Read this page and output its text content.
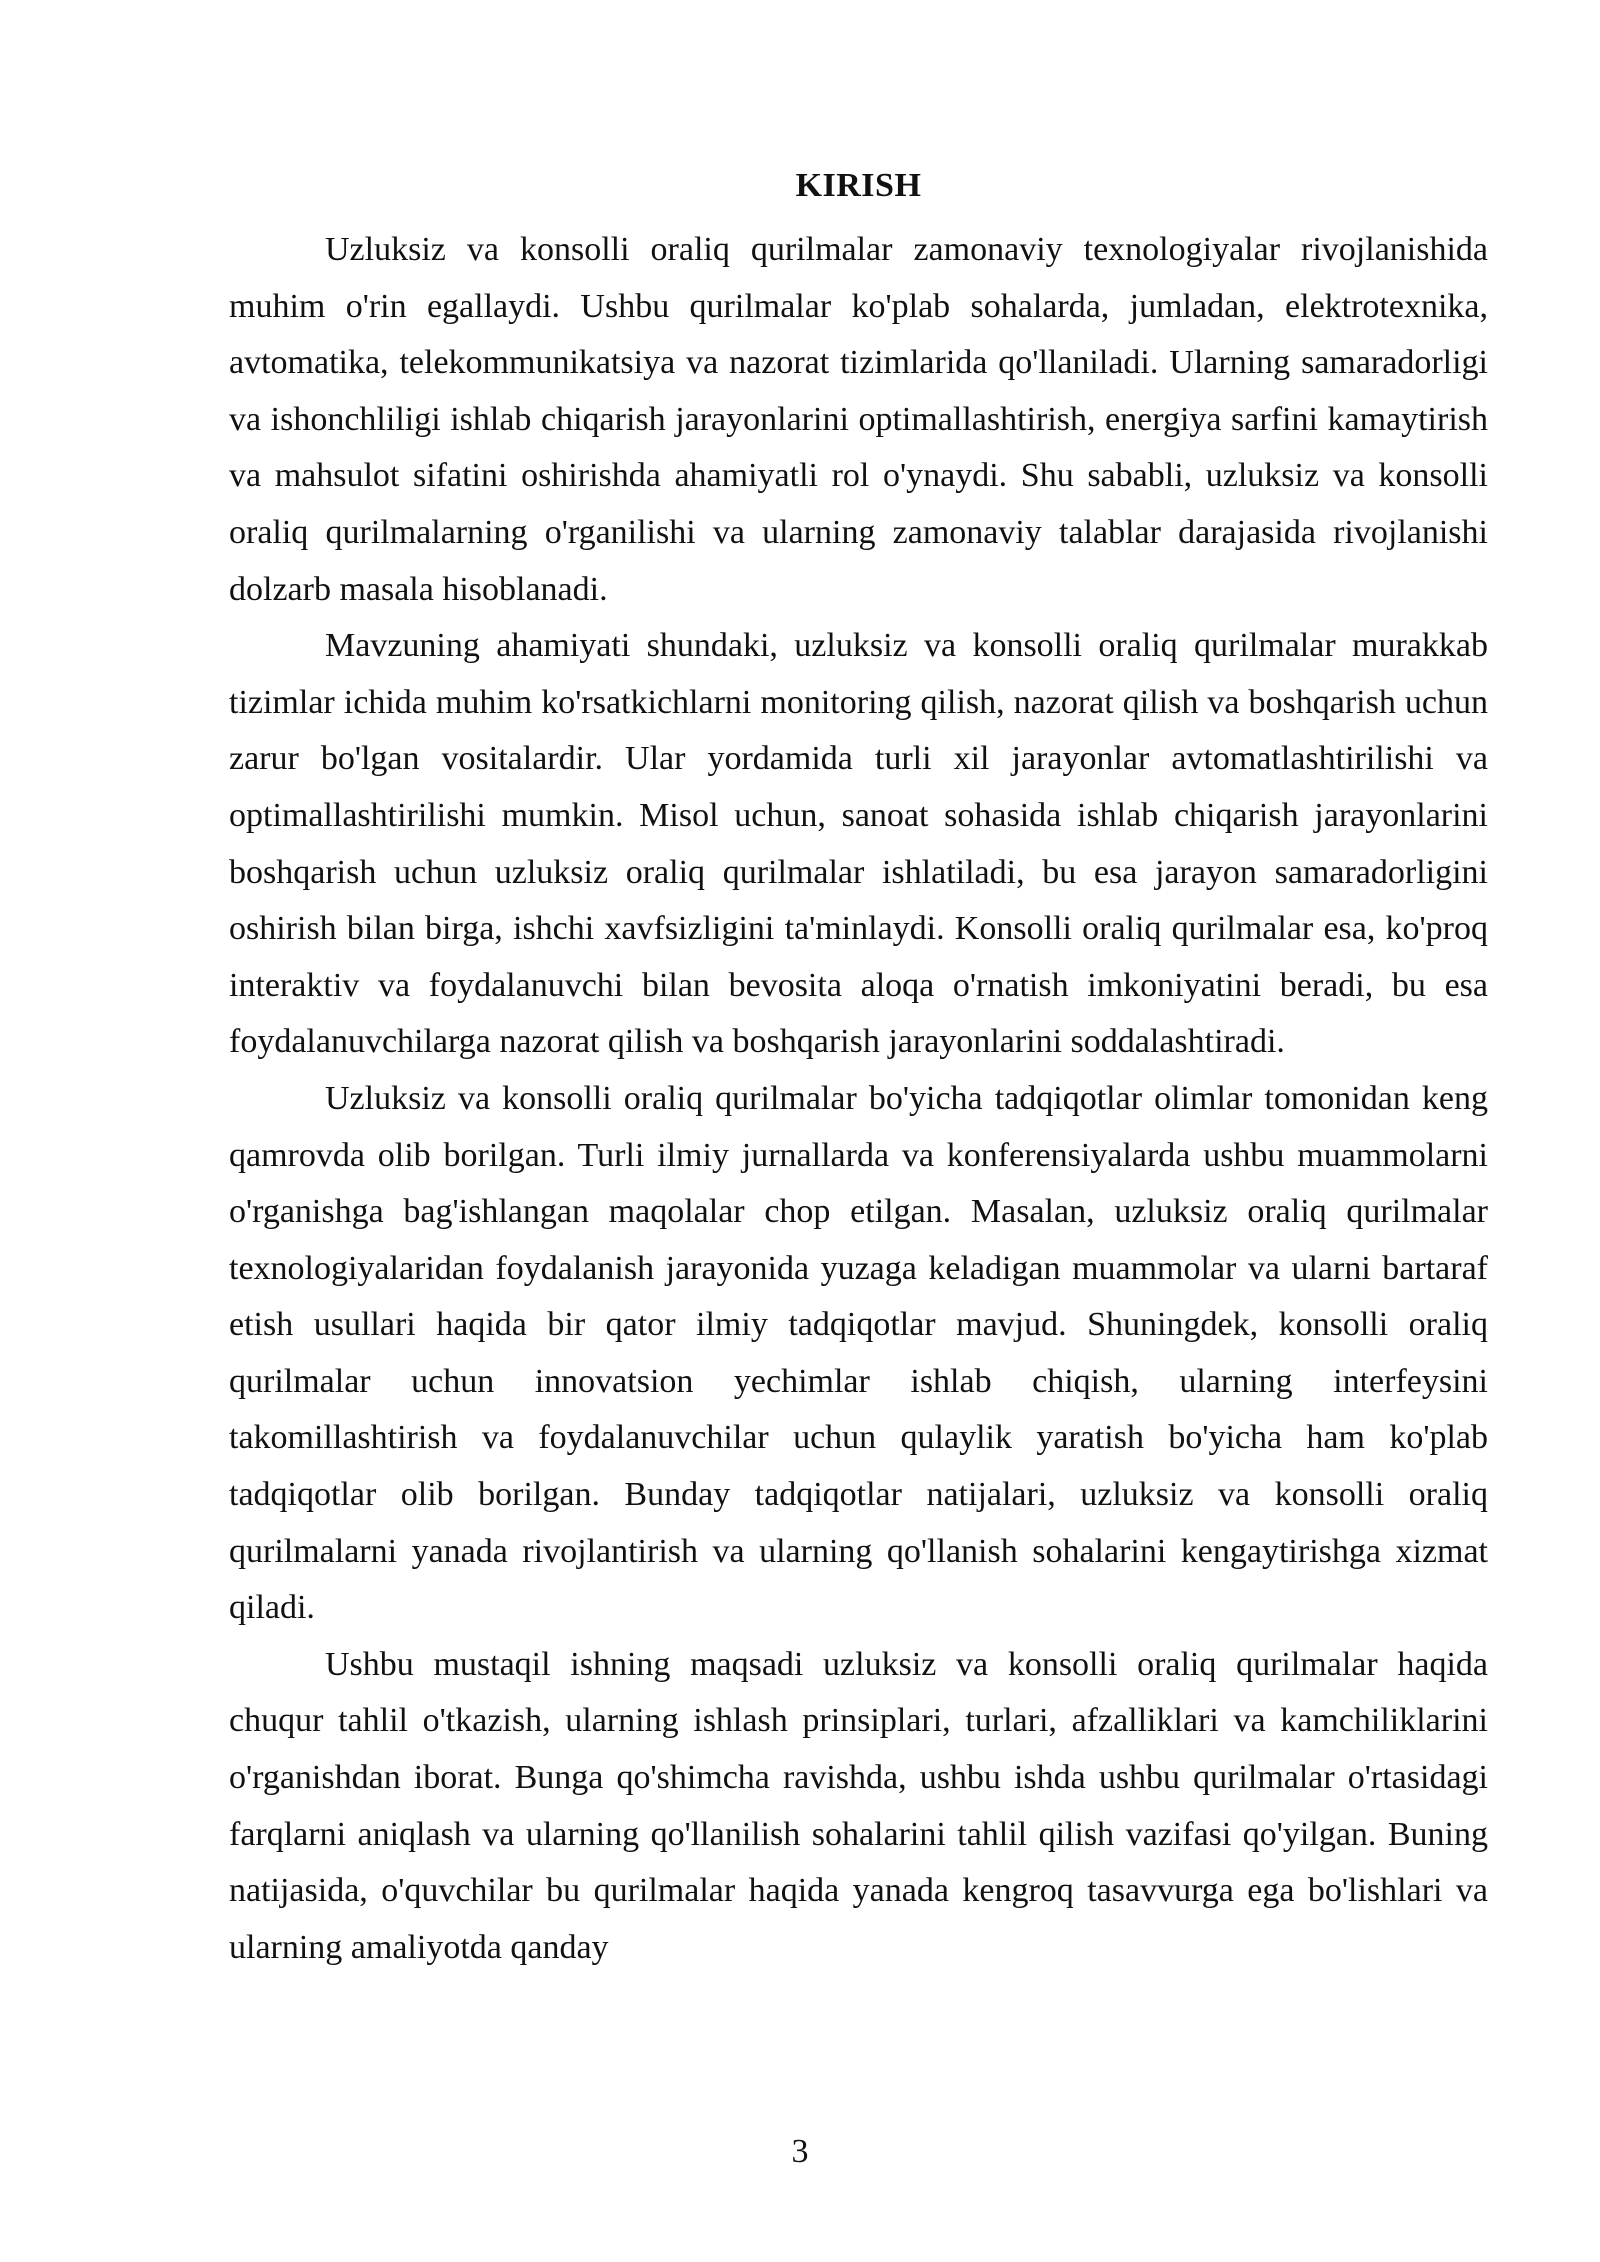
KIRISH

Uzluksiz va konsolli oraliq qurilmalar zamonaviy texnologiyalar rivojlanishida muhim o'rin egallaydi. Ushbu qurilmalar ko'plab sohalarda, jumladan, elektrotexnika, avtomatika, telekommunikatsiya va nazorat tizimlarida qo'llaniladi. Ularning samaradorligi va ishonchliligi ishlab chiqarish jarayonlarini optimallashtirish, energiya sarfini kamaytirish va mahsulot sifatini oshirishda ahamiyatli rol o'ynaydi. Shu sababli, uzluksiz va konsolli oraliq qurilmalarning o'rganilishi va ularning zamonaviy talablar darajasida rivojlanishi dolzarb masala hisoblanadi.

Mavzuning ahamiyati shundaki, uzluksiz va konsolli oraliq qurilmalar murakkab tizimlar ichida muhim ko'rsatkichlarni monitoring qilish, nazorat qilish va boshqarish uchun zarur bo'lgan vositalardir. Ular yordamida turli xil jarayonlar avtomatlashtirilishi va optimallashtirilishi mumkin. Misol uchun, sanoat sohasida ishlab chiqarish jarayonlarini boshqarish uchun uzluksiz oraliq qurilmalar ishlatiladi, bu esa jarayon samaradorligini oshirish bilan birga, ishchi xavfsizligini ta'minlaydi. Konsolli oraliq qurilmalar esa, ko'proq interaktiv va foydalanuvchi bilan bevosita aloqa o'rnatish imkoniyatini beradi, bu esa foydalanuvchilarga nazorat qilish va boshqarish jarayonlarini soddalashtiradi.

Uzluksiz va konsolli oraliq qurilmalar bo'yicha tadqiqotlar olimlar tomonidan keng qamrovda olib borilgan. Turli ilmiy jurnallarda va konferensiyalarda ushbu muammolarni o'rganishga bag'ishlangan maqolalar chop etilgan. Masalan, uzluksiz oraliq qurilmalar texnologiyalaridan foydalanish jarayonida yuzaga keladigan muammolar va ularni bartaraf etish usullari haqida bir qator ilmiy tadqiqotlar mavjud. Shuningdek, konsolli oraliq qurilmalar uchun innovatsion yechimlar ishlab chiqish, ularning interfeysini takomillashtirish va foydalanuvchilar uchun qulaylik yaratish bo'yicha ham ko'plab tadqiqotlar olib borilgan. Bunday tadqiqotlar natijalari, uzluksiz va konsolli oraliq qurilmalarni yanada rivojlantirish va ularning qo'llanish sohalarini kengaytirishga xizmat qiladi.

Ushbu mustaqil ishning maqsadi uzluksiz va konsolli oraliq qurilmalar haqida chuqur tahlil o'tkazish, ularning ishlash prinsiplari, turlari, afzalliklari va kamchiliklarini o'rganishdan iborat. Bunga qo'shimcha ravishda, ushbu ishda ushbu qurilmalar o'rtasidagi farqlarni aniqlash va ularning qo'llanilish sohalarini tahlil qilish vazifasi qo'yilgan. Buning natijasida, o'quvchilar bu qurilmalar haqida yanada kengroq tasavvurga ega bo'lishlari va ularning amaliyotda qanday

3
